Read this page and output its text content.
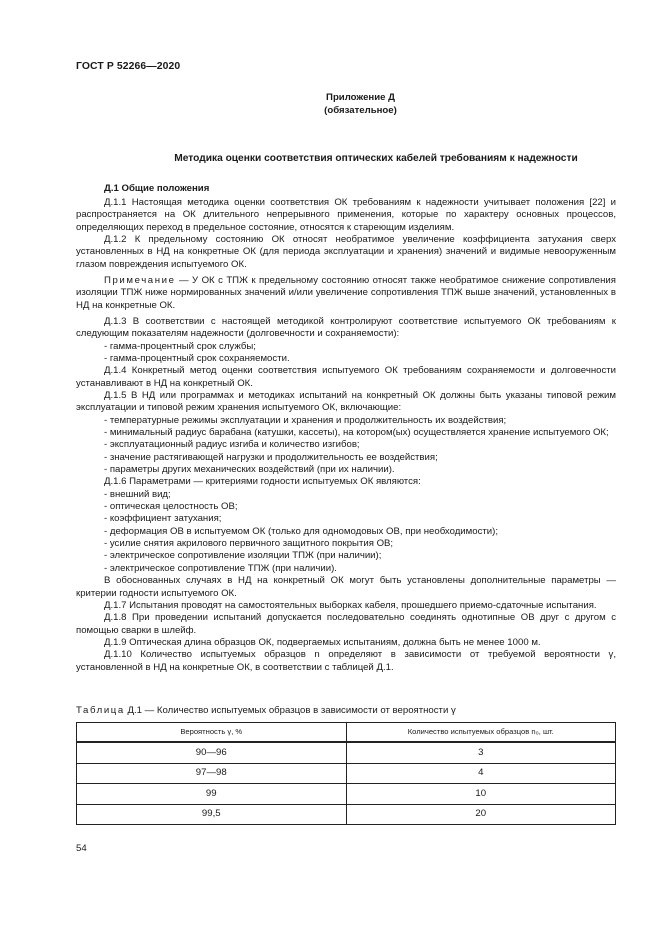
ГОСТ Р 52266—2020
Приложение Д
(обязательное)
Методика оценки соответствия оптических кабелей требованиям к надежности

Д.1 Общие положения

Д.1.1 Настоящая методика оценки соответствия ОК требованиям к надежности учитывает положения [22] и распространяется на ОК длительного непрерывного применения, которые по характеру основных процессов, определяющих переход в предельное состояние, относятся к стареющим изделиям.

Д.1.2 К предельному состоянию ОК относят необратимое увеличение коэффициента затухания сверх установленных в НД на конкретные ОК (для периода эксплуатации и хранения) значений и видимые невооруженным глазом повреждения испытуемого ОК.

Примечание — У ОК с ТПЖ к предельному состоянию относят также необратимое снижение сопротивления изоляции ТПЖ ниже нормированных значений и/или увеличение сопротивления ТПЖ выше значений, установленных в НД на конкретные ОК.

Д.1.3 В соответствии с настоящей методикой контролируют соответствие испытуемого ОК требованиям к следующим показателям надежности (долговечности и сохраняемости):

- гамма-процентный срок службы;

- гамма-процентный срок сохраняемости.

Д.1.4 Конкретный метод оценки соответствия испытуемого ОК требованиям сохраняемости и долговечности устанавливают в НД на конкретный ОК.

Д.1.5 В НД или программах и методиках испытаний на конкретный ОК должны быть указаны типовой режим эксплуатации и типовой режим хранения испытуемого ОК, включающие:

- температурные режимы эксплуатации и хранения и продолжительность их воздействия;

- минимальный радиус барабана (катушки, кассеты), на котором(ых) осуществляется хранение испытуемого ОК;

- эксплуатационный радиус изгиба и количество изгибов;

- значение растягивающей нагрузки и продолжительность ее воздействия;

- параметры других механических воздействий (при их наличии).

Д.1.6 Параметрами — критериями годности испытуемых ОК являются:

- внешний вид;

- оптическая целостность ОВ;

- коэффициент затухания;

- деформация ОВ в испытуемом ОК (только для одномодовых ОВ, при необходимости);

- усилие снятия акрилового первичного защитного покрытия ОВ;

- электрическое сопротивление изоляции ТПЖ (при наличии);

- электрическое сопротивление ТПЖ (при наличии).

В обоснованных случаях в НД на конкретный ОК могут быть установлены дополнительные параметры — критерии годности испытуемого ОК.

Д.1.7 Испытания проводят на самостоятельных выборках кабеля, прошедшего приемо-сдаточные испытания.

Д.1.8 При проведении испытаний допускается последовательно соединять однотипные ОВ друг с другом с помощью сварки в шлейф.

Д.1.9 Оптическая длина образцов ОК, подвергаемых испытаниям, должна быть не менее 1000 м.

Д.1.10 Количество испытуемых образцов n определяют в зависимости от требуемой вероятности γ, установленной в НД на конкретные ОК, в соответствии с таблицей Д.1.

Таблица Д.1 — Количество испытуемых образцов в зависимости от вероятности γ
Вероятность γ, %	Количество испытуемых образцов n₀, шт.
90—96	3
97—98	4
99	10
99,5	20
54
